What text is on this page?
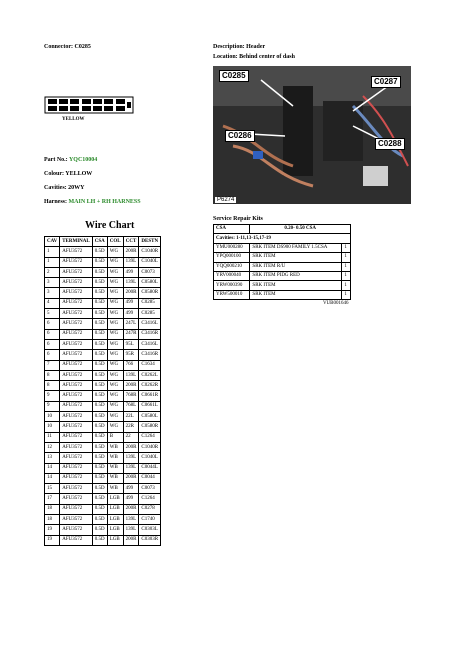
Connector: C0285	Description: Header
Location: Behind center of dash
YELLOW
C0285
C0287
C0286
C0288
P6274
Part No.: YQC10004
Colour: YELLOW
Cavities: 20WY
Harness: MAIN LH + RH HARNESS
Wire Chart
CAV	TERMINAL	CSA	COL	CCT	DESTN
1	AFU3572	0.5D	WG	200R	C1040R
1	AFU3572	0.5D	WG	139L	C1040L
2	AFU3572	0.5D	WG	499	C0073
3	AFU3572	0.5D	WG	139L	C0580L
3	AFU3572	0.5D	WG	200R	C0580R
4	AFU3572	0.5D	WG	499	C0285
5	AFU3572	0.5D	WG	499	C0285
6	AFU3572	0.5D	WG	247L	C3416L
6	AFU3572	0.5D	WG	247R	C3416R
6	AFU3572	0.5D	WG	95L	C3416L
6	AFU3572	0.5D	WG	95R	C3416R
7	AFU3572	0.5D	WG	766	C1634
8	AFU3572	0.5D	WG	139L	C0262L
8	AFU3572	0.5D	WG	200R	C0262R
9	AFU3572	0.5D	WG	768R	C0661R
9	AFU3572	0.5D	WG	768L	C0661L
10	AFU3572	0.5D	WG	22L	C0580L
10	AFU3572	0.5D	WG	22R	C0580R
11	AFU3572	0.5D	B	22	C1264
12	AFU3572	0.5D	WB	200R	C1040R
13	AFU3572	0.5D	WB	139L	C1040L
14	AFU3572	0.5D	WB	139L	C0044L
14	AFU3572	0.5D	WB	200R	C0044
15	AFU3572	0.5D	WB	499	C0073
17	AFU3572	0.5D	LGB	499	C1264
18	AFU3572	0.5D	LGB	200R	C0278
18	AFU3572	0.5D	LGB	139L	C1740
19	AFU3572	0.5D	LGB	139L	C0303L
19	AFU3572	0.5D	LGB	200R	C0303R
Service Repair Kits
CSA	0.20- 0.50 CSA	
Cavities: 1-11,13-15,17-19		
YMU000280	SRK ITEM DS900 FAMILY 1.5CSA	1
YPQ000100	SRK ITEM	1
YQQ000210	SRK ITEM R/U	1
YRV000040	SRK ITEM PIDG RED	1
YRW000390	SRK ITEM	1
YRW500010	SRK ITEM	1
VUB001646		
